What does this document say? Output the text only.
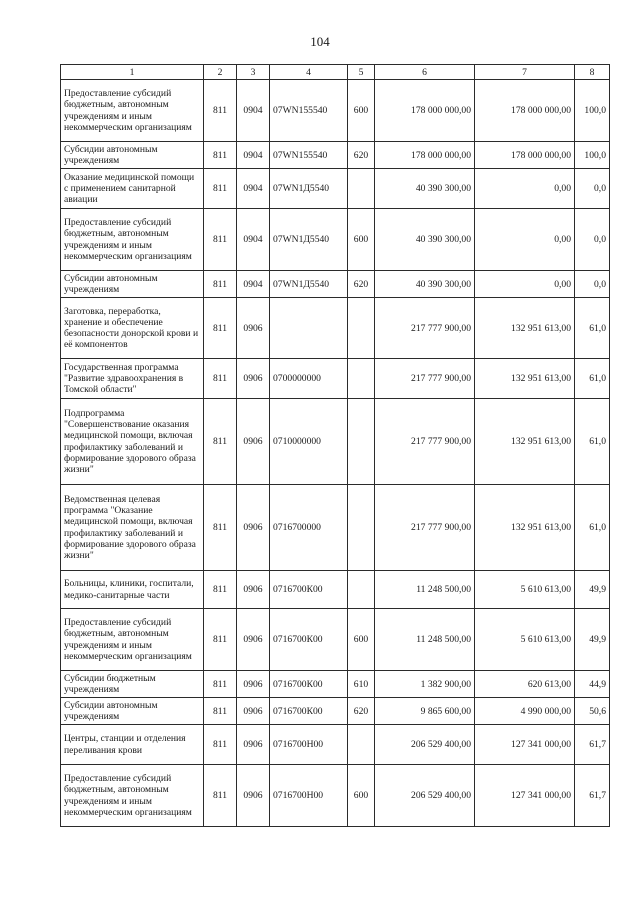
104
1	2	3	4	5	6	7	8
Предоставление субсидий бюджетным, автономным учреждениям и иным некоммерческим организациям	811	0904	07WN155540	600	178 000 000,00	178 000 000,00	100,0
Субсидии автономным учреждениям	811	0904	07WN155540	620	178 000 000,00	178 000 000,00	100,0
Оказание медицинской помощи с применением санитарной авиации	811	0904	07WN1Д5540		40 390 300,00	0,00	0,0
Предоставление субсидий бюджетным, автономным учреждениям и иным некоммерческим организациям	811	0904	07WN1Д5540	600	40 390 300,00	0,00	0,0
Субсидии автономным учреждениям	811	0904	07WN1Д5540	620	40 390 300,00	0,00	0,0
Заготовка, переработка, хранение и обеспечение безопасности донорской крови и её компонентов	811	0906			217 777 900,00	132 951 613,00	61,0
Государственная программа "Развитие здравоохранения в Томской области"	811	0906	0700000000		217 777 900,00	132 951 613,00	61,0
Подпрограмма "Совершенствование оказания медицинской помощи, включая профилактику заболеваний и формирование здорового образа жизни"	811	0906	0710000000		217 777 900,00	132 951 613,00	61,0
Ведомственная целевая программа "Оказание медицинской помощи, включая профилактику заболеваний и формирование здорового образа жизни"	811	0906	0716700000		217 777 900,00	132 951 613,00	61,0
Больницы, клиники, госпитали, медико-санитарные части	811	0906	0716700К00		11 248 500,00	5 610 613,00	49,9
Предоставление субсидий бюджетным, автономным учреждениям и иным некоммерческим организациям	811	0906	0716700К00	600	11 248 500,00	5 610 613,00	49,9
Субсидии бюджетным учреждениям	811	0906	0716700К00	610	1 382 900,00	620 613,00	44,9
Субсидии автономным учреждениям	811	0906	0716700К00	620	9 865 600,00	4 990 000,00	50,6
Центры, станции и отделения переливания крови	811	0906	0716700Н00		206 529 400,00	127 341 000,00	61,7
Предоставление субсидий бюджетным, автономным учреждениям и иным некоммерческим организациям	811	0906	0716700Н00	600	206 529 400,00	127 341 000,00	61,7
